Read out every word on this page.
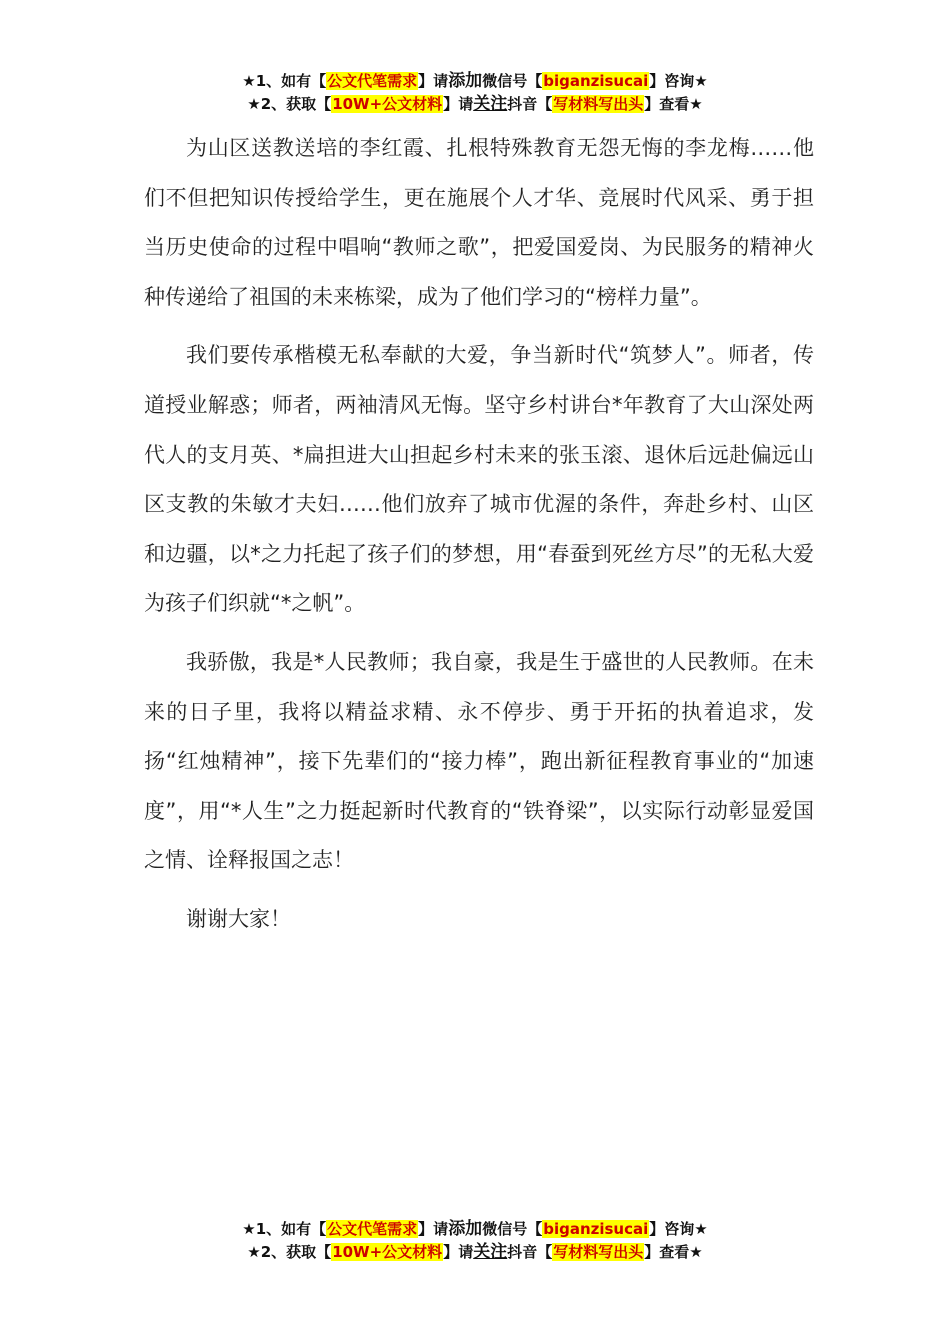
★1、如有【公文代笔需求】请添加微信号【biganzisucai】咨询★
★2、获取【10W+公文材料】请关注抖音【写材料写出头】查看★

为山区送教送培的李红霞、扎根特殊教育无怨无悔的李龙梅……他们不但把知识传授给学生，更在施展个人才华、竞展时代风采、勇于担当历史使命的过程中唱响“教师之歌”，把爱国爱岗、为民服务的精神火种传递给了祖国的未来栋梁，成为了他们学习的“榜样力量”。

我们要传承楷模无私奉献的大爱，争当新时代“筑梦人”。师者，传道授业解惑；师者，两袖清风无悔。坚守乡村讲台*年教育了大山深处两代人的支月英、*扁担进大山担起乡村未来的张玉滚、退休后远赴偏远山区支教的朱敏才夫妇……他们放弃了城市优渥的条件，奔赴乡村、山区和边疆，以*之力托起了孩子们的梦想，用“春蚕到死丝方尽”的无私大爱为孩子们织就“*之帆”。

我骄傲，我是*人民教师；我自豪，我是生于盛世的人民教师。在未来的日子里，我将以精益求精、永不停步、勇于开拓的执着追求，发扬“红烛精神”，接下先辈们的“接力棒”，跑出新征程教育事业的“加速度”，用“*人生”之力挺起新时代教育的“铁脊梁”，以实际行动彰显爱国之情、诠释报国之志！

谢谢大家！

★1、如有【公文代笔需求】请添加微信号【biganzisucai】咨询★
★2、获取【10W+公文材料】请关注抖音【写材料写出头】查看★
